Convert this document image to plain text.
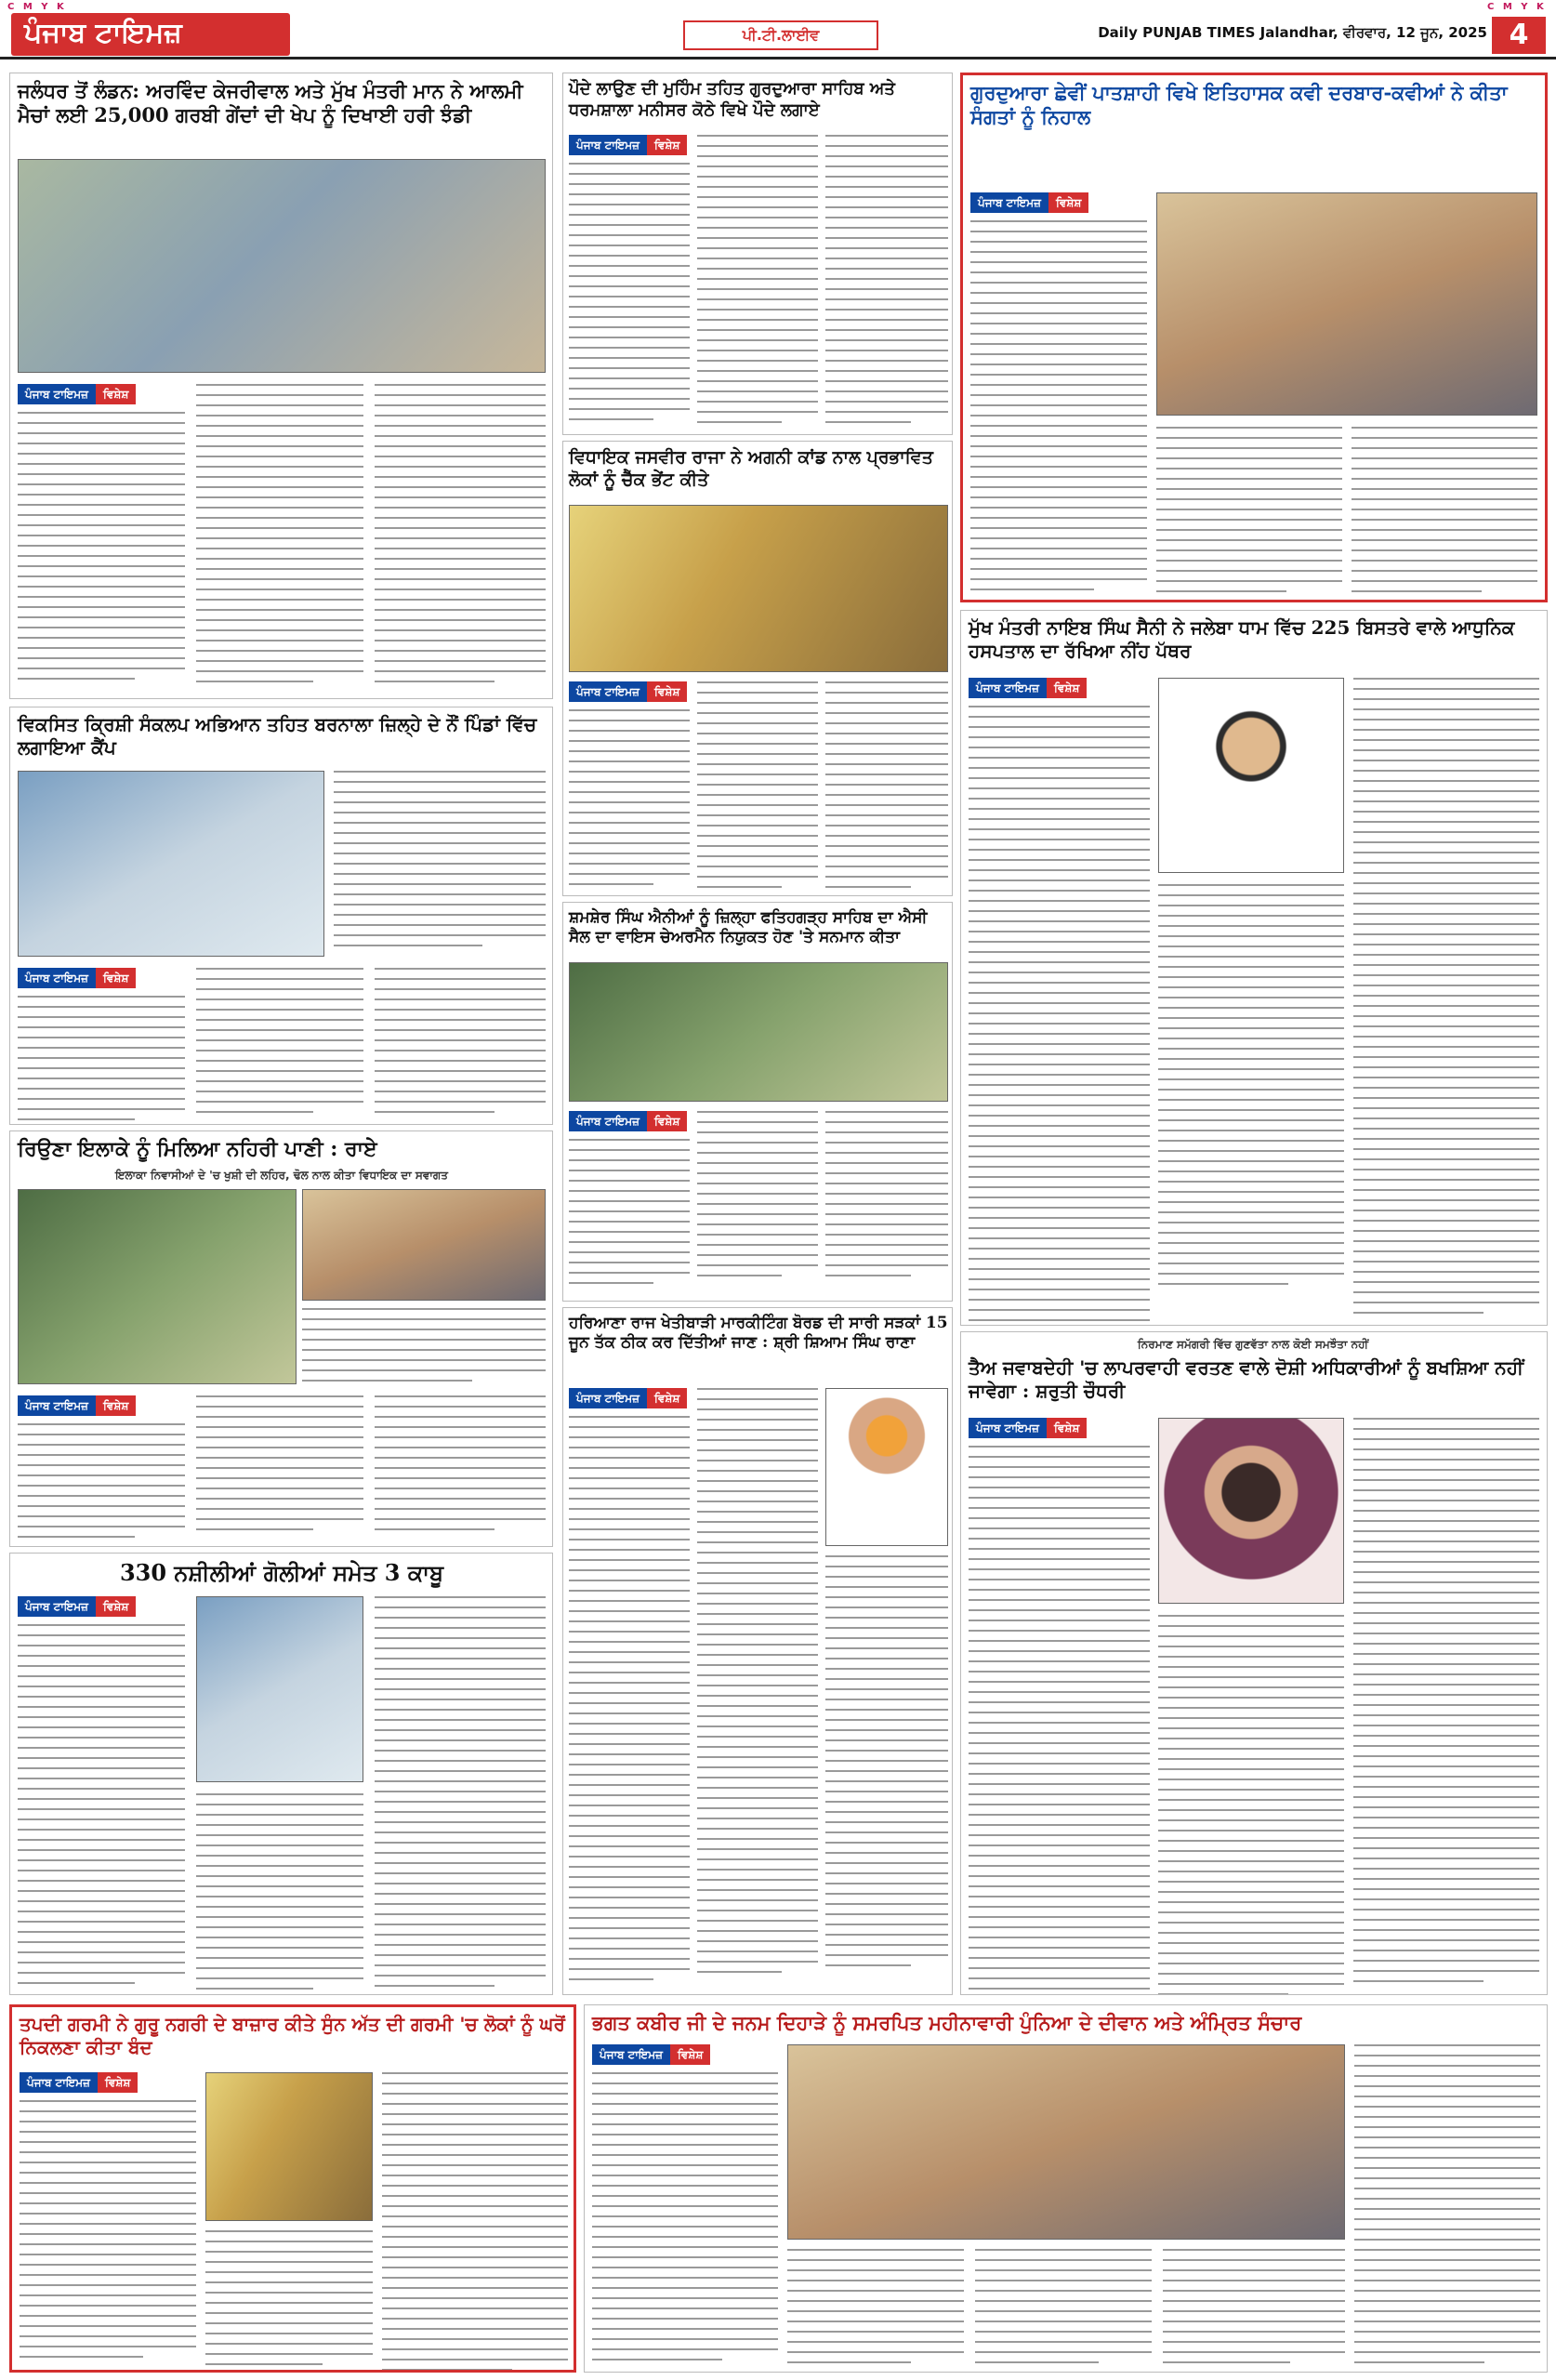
C M Y K	C M Y K
ਪੰਜਾਬ ਟਾਇਮਜ਼	ਪੀ.ਟੀ.ਲਾਈਵ	Daily PUNJAB TIMES Jalandhar, ਵੀਰਵਾਰ, 12 ਜੂਨ, 2025 4
ਜਲੰਧਰ ਤੋਂ ਲੰਡਨ: ਅਰਵਿੰਦ ਕੇਜਰੀਵਾਲ ਅਤੇ ਮੁੱਖ ਮੰਤਰੀ ਮਾਨ ਨੇ ਆਲਮੀ ਮੈਚਾਂ ਲਈ 25,000 ਗਰਬੀ ਗੇਂਦਾਂ ਦੀ ਖੇਪ ਨੂੰ ਦਿਖਾਈ ਹਰੀ ਝੰਡੀ
ਪੰਜਾਬ ਟਾਇਮਜ਼ ਵਿਸ਼ੇਸ਼
ਪੌਦੇ ਲਾਉਣ ਦੀ ਮੁਹਿੰਮ ਤਹਿਤ ਗੁਰਦੁਆਰਾ ਸਾਹਿਬ ਅਤੇ ਧਰਮਸ਼ਾਲਾ ਮਨੀਸਰ ਕੋਠੇ ਵਿਖੇ ਪੌਦੇ ਲਗਾਏ
ਪੰਜਾਬ ਟਾਇਮਜ਼ ਵਿਸ਼ੇਸ਼
ਗੁਰਦੁਆਰਾ ਛੇਵੀਂ ਪਾਤਸ਼ਾਹੀ ਵਿਖੇ ਇਤਿਹਾਸਕ ਕਵੀ ਦਰਬਾਰ-ਕਵੀਆਂ ਨੇ ਕੀਤਾ ਸੰਗਤਾਂ ਨੂੰ ਨਿਹਾਲ
ਪੰਜਾਬ ਟਾਇਮਜ਼ ਵਿਸ਼ੇਸ਼
ਵਿਧਾਇਕ ਜਸਵੀਰ ਰਾਜਾ ਨੇ ਅਗਨੀ ਕਾਂਡ ਨਾਲ ਪ੍ਰਭਾਵਿਤ ਲੋਕਾਂ ਨੂੰ ਚੈੱਕ ਭੇਂਟ ਕੀਤੇ
ਪੰਜਾਬ ਟਾਇਮਜ਼ ਵਿਸ਼ੇਸ਼
ਮੁੱਖ ਮੰਤਰੀ ਨਾਇਬ ਸਿੰਘ ਸੈਨੀ ਨੇ ਜਲੇਬਾ ਧਾਮ ਵਿੱਚ 225 ਬਿਸਤਰੇ ਵਾਲੇ ਆਧੁਨਿਕ ਹਸਪਤਾਲ ਦਾ ਰੱਖਿਆ ਨੀਂਹ ਪੱਥਰ
ਪੰਜਾਬ ਟਾਇਮਜ਼ ਵਿਸ਼ੇਸ਼
ਵਿਕਸਿਤ ਕ੍ਰਿਸ਼ੀ ਸੰਕਲਪ ਅਭਿਆਨ ਤਹਿਤ ਬਰਨਾਲਾ ਜ਼ਿਲ੍ਹੇ ਦੇ ਨੌਂ ਪਿੰਡਾਂ ਵਿੱਚ ਲਗਾਇਆ ਕੈਂਪ
ਪੰਜਾਬ ਟਾਇਮਜ਼ ਵਿਸ਼ੇਸ਼
ਸ਼ਮਸ਼ੇਰ ਸਿੰਘ ਐਨੀਆਂ ਨੂੰ ਜ਼ਿਲ੍ਹਾ ਫਤਿਹਗੜ੍ਹ ਸਾਹਿਬ ਦਾ ਐਸੀ ਸੈਲ ਦਾ ਵਾਇਸ ਚੇਅਰਮੈਨ ਨਿਯੁਕਤ ਹੋਣ 'ਤੇ ਸਨਮਾਨ ਕੀਤਾ
ਪੰਜਾਬ ਟਾਇਮਜ਼ ਵਿਸ਼ੇਸ਼
ਰਿਉਣਾ ਇਲਾਕੇ ਨੂੰ ਮਿਲਿਆ ਨਹਿਰੀ ਪਾਣੀ : ਰਾਏ
ਇਲਾਕਾ ਨਿਵਾਸੀਆਂ ਦੇ 'ਚ ਖੁਸ਼ੀ ਦੀ ਲਹਿਰ, ਢੋਲ ਨਾਲ ਕੀਤਾ ਵਿਧਾਇਕ ਦਾ ਸਵਾਗਤ
ਪੰਜਾਬ ਟਾਇਮਜ਼ ਵਿਸ਼ੇਸ਼
ਹਰਿਆਣਾ ਰਾਜ ਖੇਤੀਬਾੜੀ ਮਾਰਕੀਟਿੰਗ ਬੋਰਡ ਦੀ ਸਾਰੀ ਸੜਕਾਂ 15 ਜੂਨ ਤੱਕ ਠੀਕ ਕਰ ਦਿੱਤੀਆਂ ਜਾਣ : ਸ਼੍ਰੀ ਸ਼ਿਆਮ ਸਿੰਘ ਰਾਣਾ
ਪੰਜਾਬ ਟਾਇਮਜ਼ ਵਿਸ਼ੇਸ਼
ਨਿਰਮਾਣ ਸਮੱਗਰੀ ਵਿੱਚ ਗੁਣਵੱਤਾ ਨਾਲ ਕੋਈ ਸਮਝੌਤਾ ਨਹੀਂ
ਤੈਅ ਜਵਾਬਦੇਹੀ 'ਚ ਲਾਪਰਵਾਹੀ ਵਰਤਣ ਵਾਲੇ ਦੋਸ਼ੀ ਅਧਿਕਾਰੀਆਂ ਨੂੰ ਬਖਸ਼ਿਆ ਨਹੀਂ ਜਾਵੇਗਾ : ਸ਼ਰੁਤੀ ਚੌਧਰੀ
ਪੰਜਾਬ ਟਾਇਮਜ਼ ਵਿਸ਼ੇਸ਼
330 ਨਸ਼ੀਲੀਆਂ ਗੋਲੀਆਂ ਸਮੇਤ 3 ਕਾਬੂ
ਪੰਜਾਬ ਟਾਇਮਜ਼ ਵਿਸ਼ੇਸ਼
ਤਪਦੀ ਗਰਮੀ ਨੇ ਗੁਰੂ ਨਗਰੀ ਦੇ ਬਾਜ਼ਾਰ ਕੀਤੇ ਸੁੰਨ ਅੱਤ ਦੀ ਗਰਮੀ 'ਚ ਲੋਕਾਂ ਨੂੰ ਘਰੋਂ ਨਿਕਲਣਾ ਕੀਤਾ ਬੰਦ
ਪੰਜਾਬ ਟਾਇਮਜ਼ ਵਿਸ਼ੇਸ਼
ਭਗਤ ਕਬੀਰ ਜੀ ਦੇ ਜਨਮ ਦਿਹਾੜੇ ਨੂੰ ਸਮਰਪਿਤ ਮਹੀਨਾਵਾਰੀ ਪੁੰਨਿਆ ਦੇ ਦੀਵਾਨ ਅਤੇ ਅੰਮ੍ਰਿਤ ਸੰਚਾਰ
ਪੰਜਾਬ ਟਾਇਮਜ਼ ਵਿਸ਼ੇਸ਼
